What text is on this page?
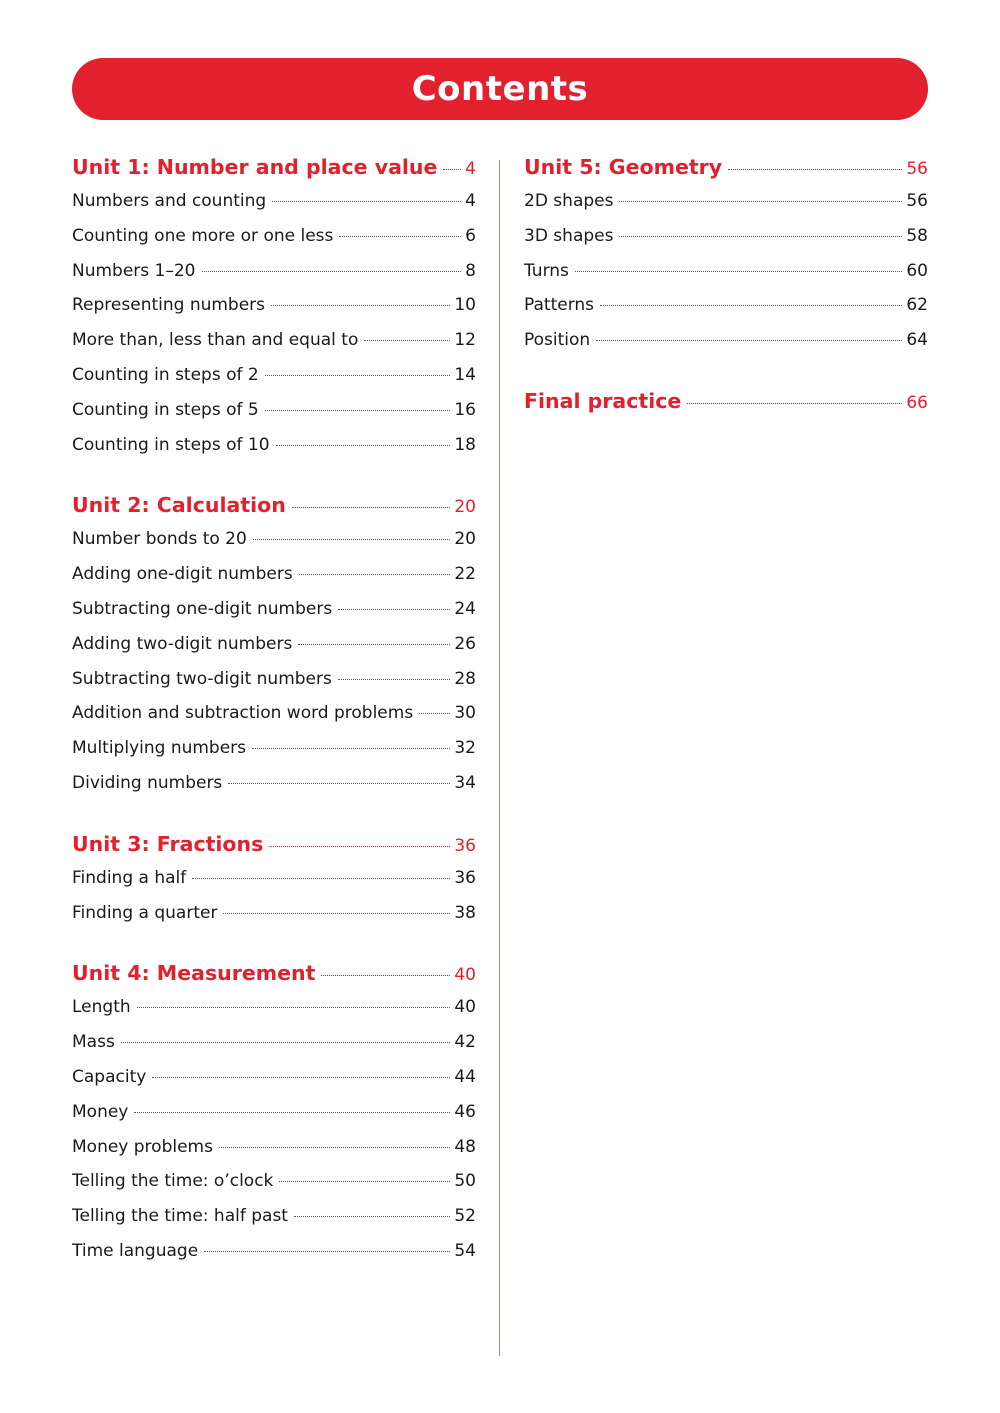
Contents
Unit 1: Number and place value 4
Numbers and counting	4
Counting one more or one less	6
Numbers 1–20	8
Representing numbers	10
More than, less than and equal to	12
Counting in steps of 2	14
Counting in steps of 5	16
Counting in steps of 10	18
Unit 2: Calculation	20
Number bonds to 20	20
Adding one-digit numbers	22
Subtracting one-digit numbers	24
Adding two-digit numbers	26
Subtracting two-digit numbers	28
Addition and subtraction word problems 30
Multiplying numbers	32
Dividing numbers	34
Unit 3: Fractions	36
Finding a half	36
Finding a quarter	38
Unit 4: Measurement	40
Length	40
Mass	42
Capacity	44
Money	46
Money problems	48
Telling the time: o’clock	50
Telling the time: half past	52
Time language	54
Unit 5: Geometry	56
2D shapes	56
3D shapes	58
Turns	60
Patterns	62
Position	64
Final practice	66
